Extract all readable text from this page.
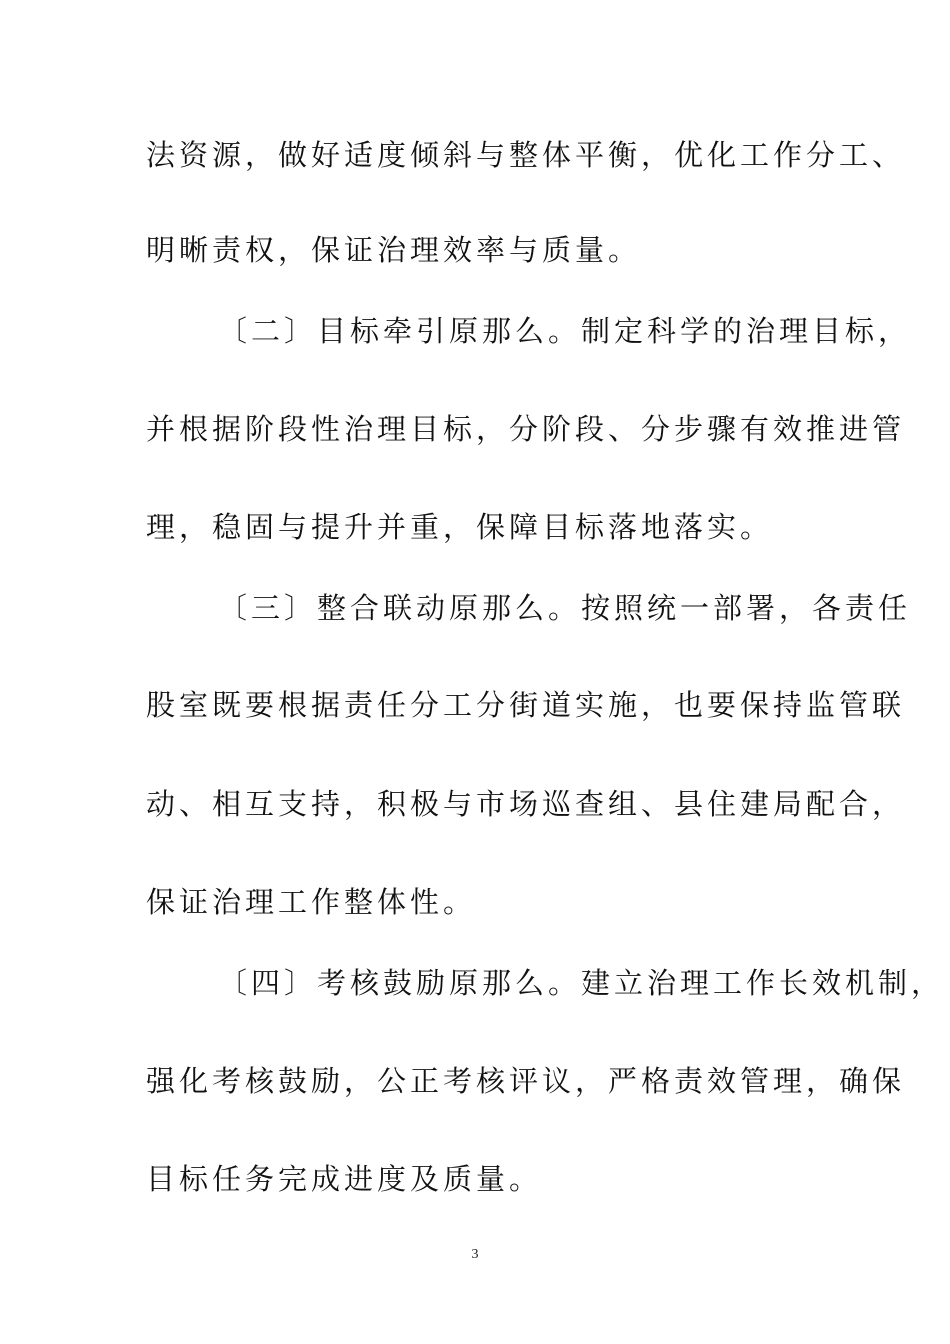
法资源，做好适度倾斜与整体平衡，优化工作分工、
明晰责权，保证治理效率与质量。
〔二〕目标牵引原那么。制定科学的治理目标，
并根据阶段性治理目标，分阶段、分步骤有效推进管
理，稳固与提升并重，保障目标落地落实。
〔三〕整合联动原那么。按照统一部署，各责任
股室既要根据责任分工分街道实施，也要保持监管联
动、相互支持，积极与市场巡查组、县住建局配合，
保证治理工作整体性。
〔四〕考核鼓励原那么。建立治理工作长效机制，
强化考核鼓励，公正考核评议，严格责效管理，确保
目标任务完成进度及质量。
3
